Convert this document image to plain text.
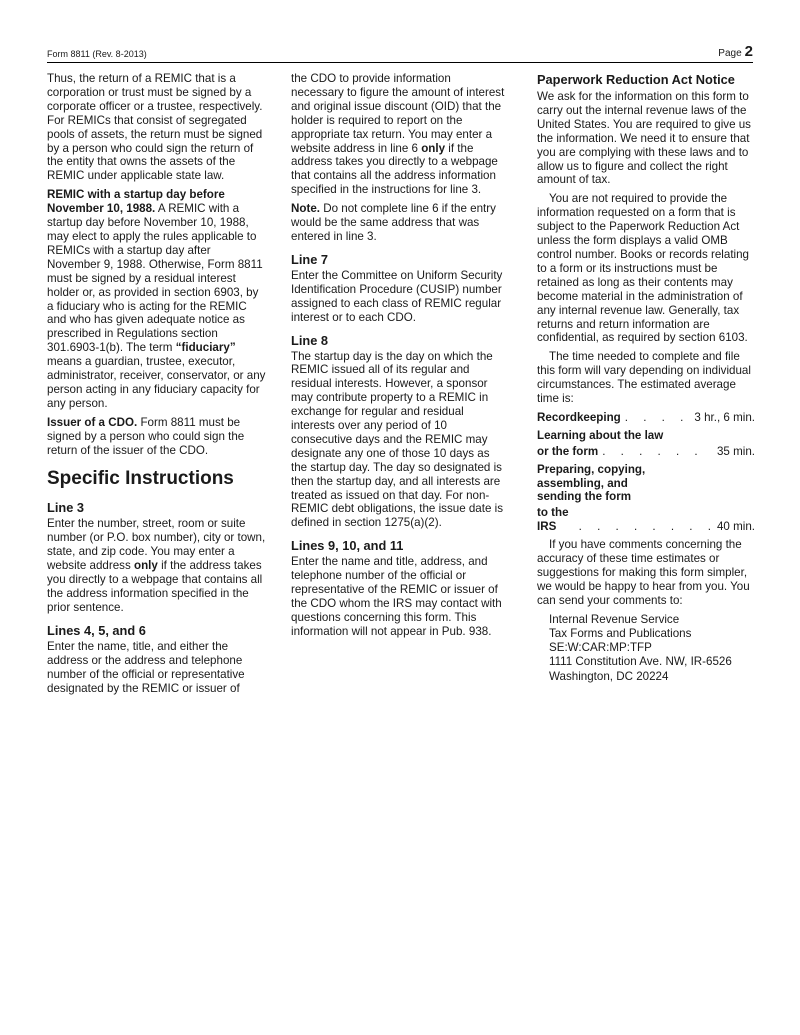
Form 8811 (Rev. 8-2013)	Page 2

Thus, the return of a REMIC that is a corporation or trust must be signed by a corporate officer or a trustee, respectively. For REMICs that consist of segregated pools of assets, the return must be signed by a person who could sign the return of the entity that owns the assets of the REMIC under applicable state law.

REMIC with a startup day before November 10, 1988. A REMIC with a startup day before November 10, 1988, may elect to apply the rules applicable to REMICs with a startup day after November 9, 1988. Otherwise, Form 8811 must be signed by a residual interest holder or, as provided in section 6903, by a fiduciary who is acting for the REMIC and who has given adequate notice as prescribed in Regulations section 301.6903-1(b). The term “fiduciary” means a guardian, trustee, executor, administrator, receiver, conservator, or any person acting in any fiduciary capacity for any person.

Issuer of a CDO. Form 8811 must be signed by a person who could sign the return of the issuer of the CDO.

Specific Instructions
Line 3

Enter the number, street, room or suite number (or P.O. box number), city or town, state, and zip code. You may enter a website address only if the address takes you directly to a webpage that contains all the address information specified in the prior sentence.

Lines 4, 5, and 6

Enter the name, title, and either the address or the address and telephone number of the official or representative designated by the REMIC or issuer of

the CDO to provide information necessary to figure the amount of interest and original issue discount (OID) that the holder is required to report on the appropriate tax return. You may enter a website address in line 6 only if the address takes you directly to a webpage that contains all the address information specified in the instructions for line 3.

Note. Do not complete line 6 if the entry would be the same address that was entered in line 3.

Line 7

Enter the Committee on Uniform Security Identification Procedure (CUSIP) number assigned to each class of REMIC regular interest or to each CDO.

Line 8

The startup day is the day on which the REMIC issued all of its regular and residual interests. However, a sponsor may contribute property to a REMIC in exchange for regular and residual interests over any period of 10 consecutive days and the REMIC may designate any one of those 10 days as the startup day. The day so designated is then the startup day, and all interests are treated as issued on that day. For non-REMIC debt obligations, the issue date is defined in section 1275(a)(2).

Lines 9, 10, and 11

Enter the name and title, address, and telephone number of the official or representative of the REMIC or issuer of the CDO whom the IRS may contact with questions concerning this form. This information will not appear in Pub. 938.

Paperwork Reduction Act Notice

We ask for the information on this form to carry out the internal revenue laws of the United States. You are required to give us the information. We need it to ensure that you are complying with these laws and to allow us to figure and collect the right amount of tax.

You are not required to provide the information requested on a form that is subject to the Paperwork Reduction Act unless the form displays a valid OMB control number. Books or records relating to a form or its instructions must be retained as long as their contents may become material in the administration of any internal revenue law. Generally, tax returns and return information are confidential, as required by section 6103.

The time needed to complete and file this form will vary depending on individual circumstances. The estimated average time is:

Recordkeeping . . . . 3 hr., 6 min.
Learning about the law
or the form . . . . . .	35 min.
Preparing, copying,
assembling, and
sending the form
to the IRS	. . . . . . . . 40 min.

If you have comments concerning the accuracy of these time estimates or suggestions for making this form simpler, we would be happy to hear from you. You can send your comments to:

Internal Revenue Service
Tax Forms and Publications
SE:W:CAR:MP:TFP
1111 Constitution Ave. NW, IR-6526
Washington, DC 20224
